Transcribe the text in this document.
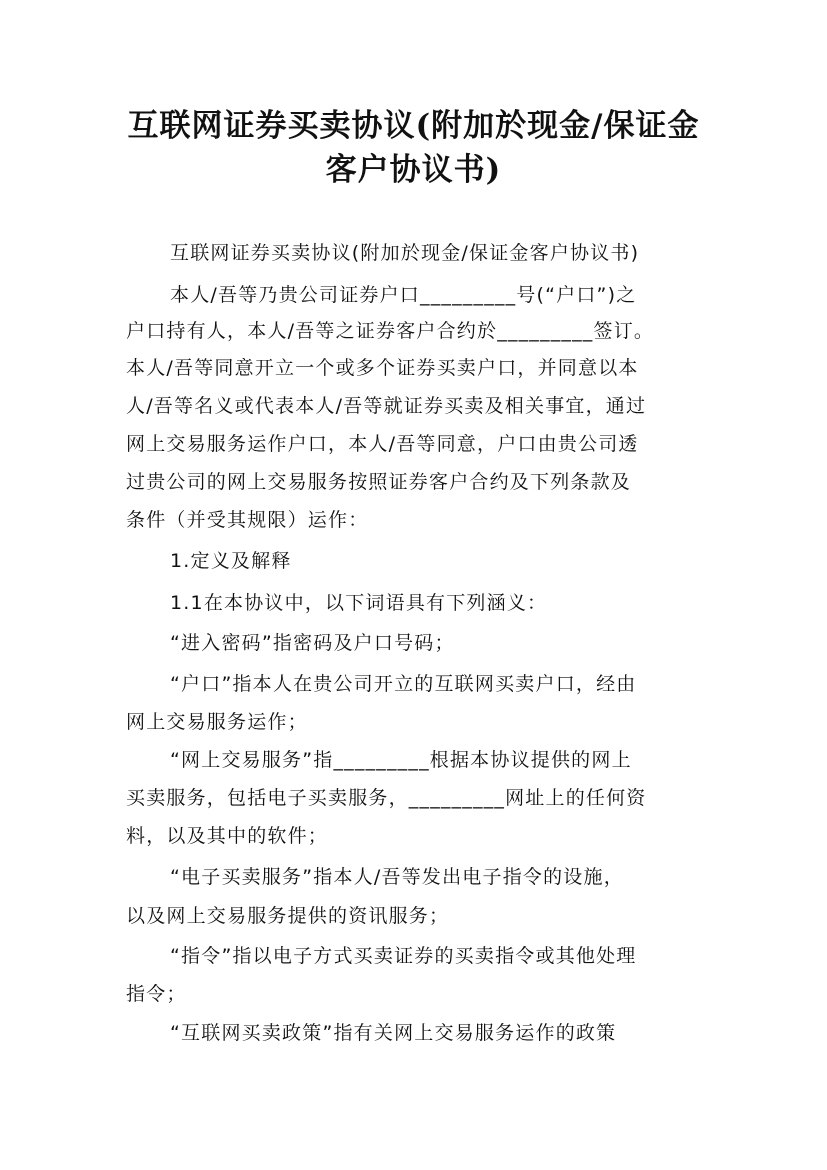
互联网证券买卖协议(附加於现金/保证金
客户协议书)
互联网证券买卖协议(附加於现金/保证金客户协议书)
本人/吾等乃贵公司证券户口_________号(“户口”)之
户口持有人，本人/吾等之证券客户合约於_________签订。
本人/吾等同意开立一个或多个证券买卖户口，并同意以本
人/吾等名义或代表本人/吾等就证券买卖及相关事宜，通过
网上交易服务运作户口，本人/吾等同意，户口由贵公司透
过贵公司的网上交易服务按照证券客户合约及下列条款及
条件（并受其规限）运作：
1.定义及解释
1.1在本协议中，以下词语具有下列涵义：
“进入密码”指密码及户口号码；
“户口”指本人在贵公司开立的互联网买卖户口，经由
网上交易服务运作；
“网上交易服务”指_________根据本协议提供的网上
买卖服务，包括电子买卖服务，_________网址上的任何资
料，以及其中的软件；
“电子买卖服务”指本人/吾等发出电子指令的设施，
以及网上交易服务提供的资讯服务；
“指令”指以电子方式买卖证券的买卖指令或其他处理
指令；
“互联网买卖政策”指有关网上交易服务运作的政策
